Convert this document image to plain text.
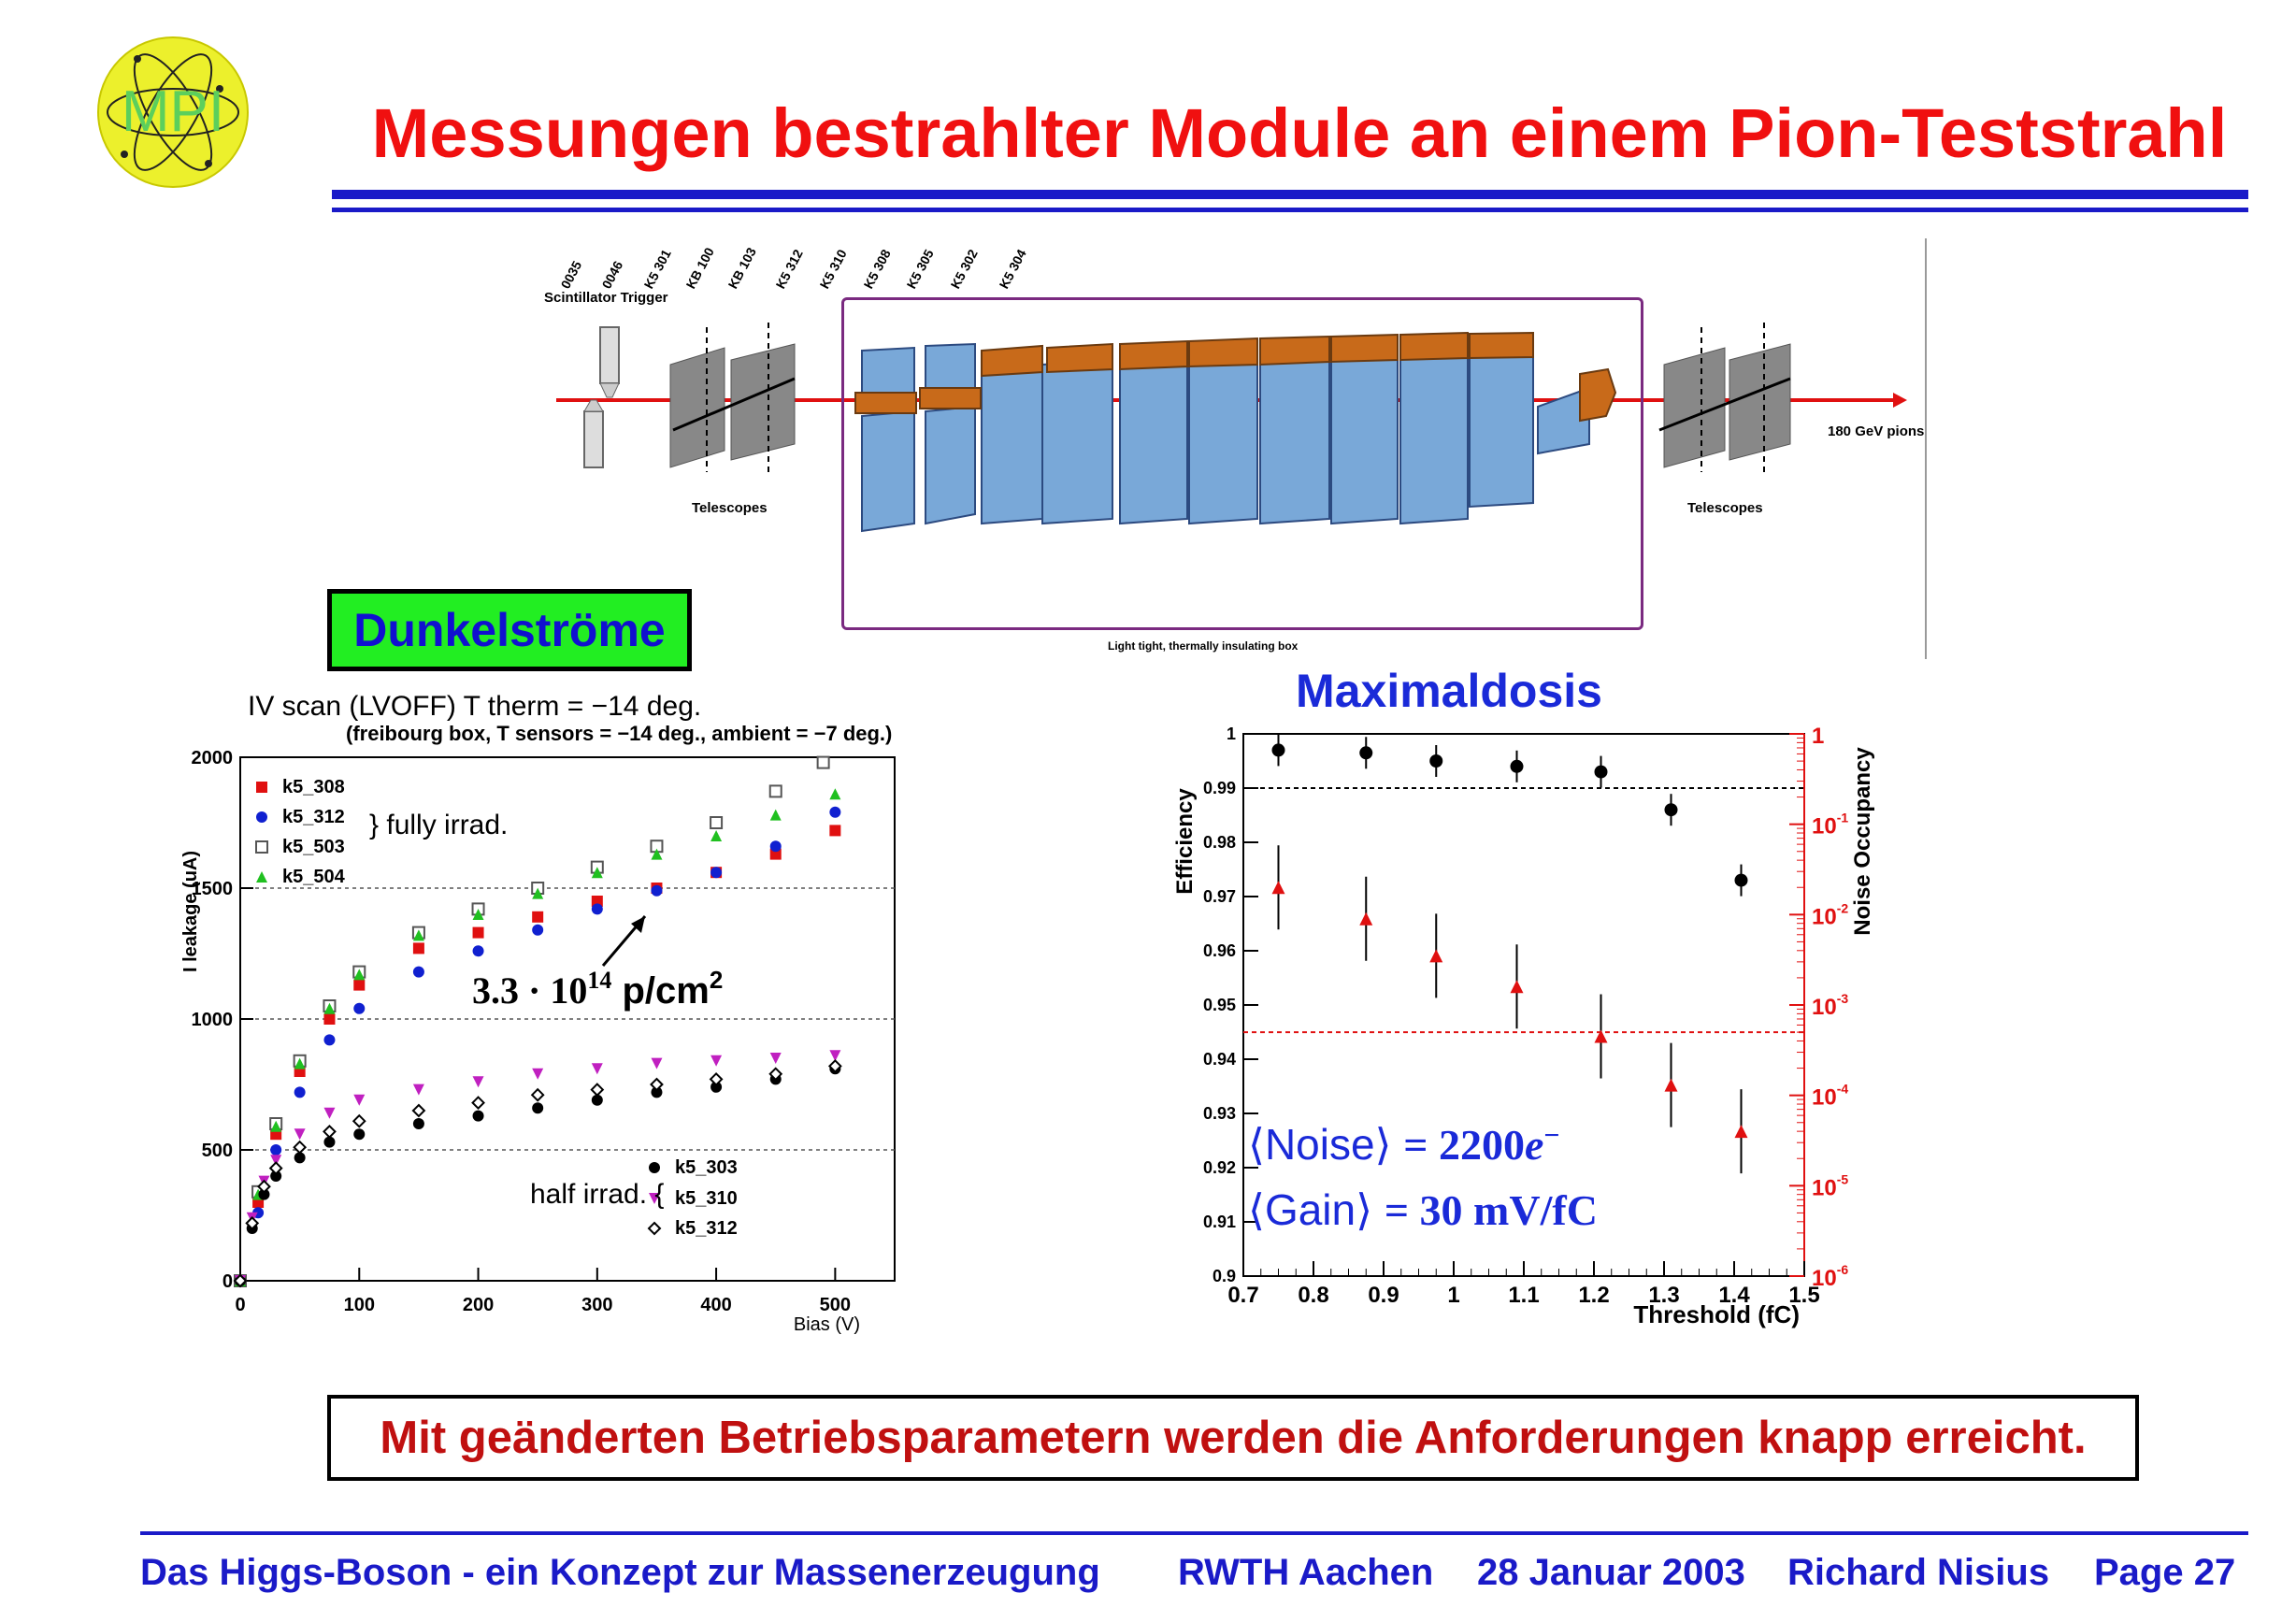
MPI Messungen bestrahlter Module an einem Pion-Teststrahl
Scintillator Trigger
Telescopes
Light tight, thermally insulating box
Telescopes
180 GeV pions
0035 0046 K5 301 KB 100 KB 103 K5 312 K5 310 K5 308 K5 305 K5 302 K5 304
Dunkelströme
IV scan (LVOFF) T therm = −14 deg.
(freibourg box, T sensors = −14 deg., ambient = −7 deg.)
0	100	200	300	400	500
0
500
1000
1500
2000
k5_308
k5_312
k5_503
k5_504
k5_303
k5_310
k5_312
I leakage (uA)
Bias (V)
} fully irrad.
$3.3 \cdot 10^{14}$ $p/cm^2$
half irrad. {
Maximaldosis
0.7 0.8 0.9 1 1.1 1.2 1.3 1.4 1.5
0.9
0.91
0.92
0.93
0.94
0.95
0.96
0.97
0.98
0.99
1
$10^{-6}$
$10^{-5}$
$10^{-4}$
$10^{-3}$
$10^{-2}$
$10^{-1}$
1
Efficiency	Noise Occupancy
Threshold (fC)
⟨Noise⟩ = 2200e−
⟨Gain⟩ = 30 mV/fC
Mit geänderten Betriebsparametern werden die Anforderungen knapp erreicht.
Das Higgs-Boson - ein Konzept zur Massenerzeugung RWTH Aachen 28 Januar 2003 Richard Nisius Page 27
